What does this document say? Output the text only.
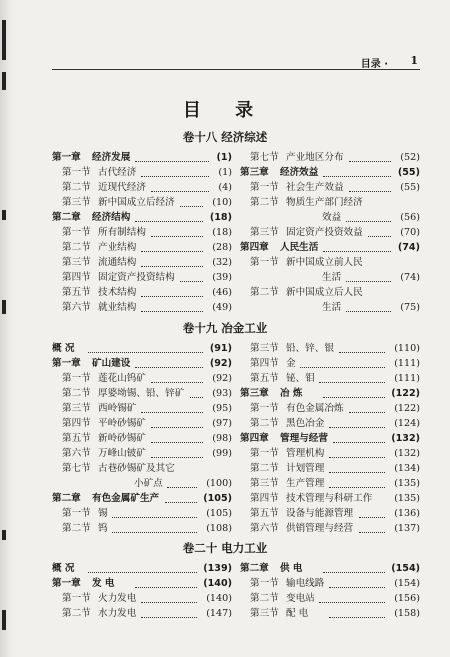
目录 · 1
目 录
卷十八 经济综述
第一章 经济发展	(1)
第一节 古代经济	(1)
第二节 近现代经济	(4)
第三节 新中国成立后经济	(10)
第二章 经济结构	(18)
第一节 所有制结构	(18)
第二节 产业结构	(28)
第三节 流通结构	(32)
第四节 固定资产投资结构	(39)
第五节 技术结构	(46)
第六节 就业结构	(49)
第七节 产业地区分布	(52)
第三章 经济效益	(55)
第一节 社会生产效益	(55)
第二节 物质生产部门经济
效益	(56)
第三节 固定资产投资效益	(70)
第四章 人民生活	(74)
第一节 新中国成立前人民
生活	(74)
第二节 新中国成立后人民
生活	(75)
卷十九 冶金工业
概 况	(91)
第一章 矿山建设	(92)
第一节 莲花山钨矿	(92)
第二节 厚婆坳锡、铅、锌矿	(93)
第三节 西岭锡矿	(95)
第四节 平岭砂锡矿	(97)
第五节 新岭砂锡矿	(98)
第六节 万峰山铍矿	(99)
第七节 古巷砂锡矿及其它
小矿点	(100)
第二章 有色金属矿生产	(105)
第一节 锡	(105)
第二节 钨	(108)
第三节 铅、锌、银	(110)
第四节 金	(111)
第五节 铋、钼	(111)
第三章 冶 炼	(122)
第一节 有色金属冶炼	(122)
第二节 黑色冶金	(124)
第四章 管理与经营	(132)
第一节 管理机构	(132)
第二节 计划管理	(134)
第三节 生产管理	(135)
第四节 技术管理与科研工作 (135)
第五节 设备与能源管理	(136)
第六节 供销管理与经营	(137)
卷二十 电力工业
概 况	(139)
第一章 发 电	(140)
第一节 火力发电	(140)
第二节 水力发电	(147)
第二章 供 电	(154)
第一节 输电线路	(154)
第二节 变电站	(156)
第三节 配 电	(158)
